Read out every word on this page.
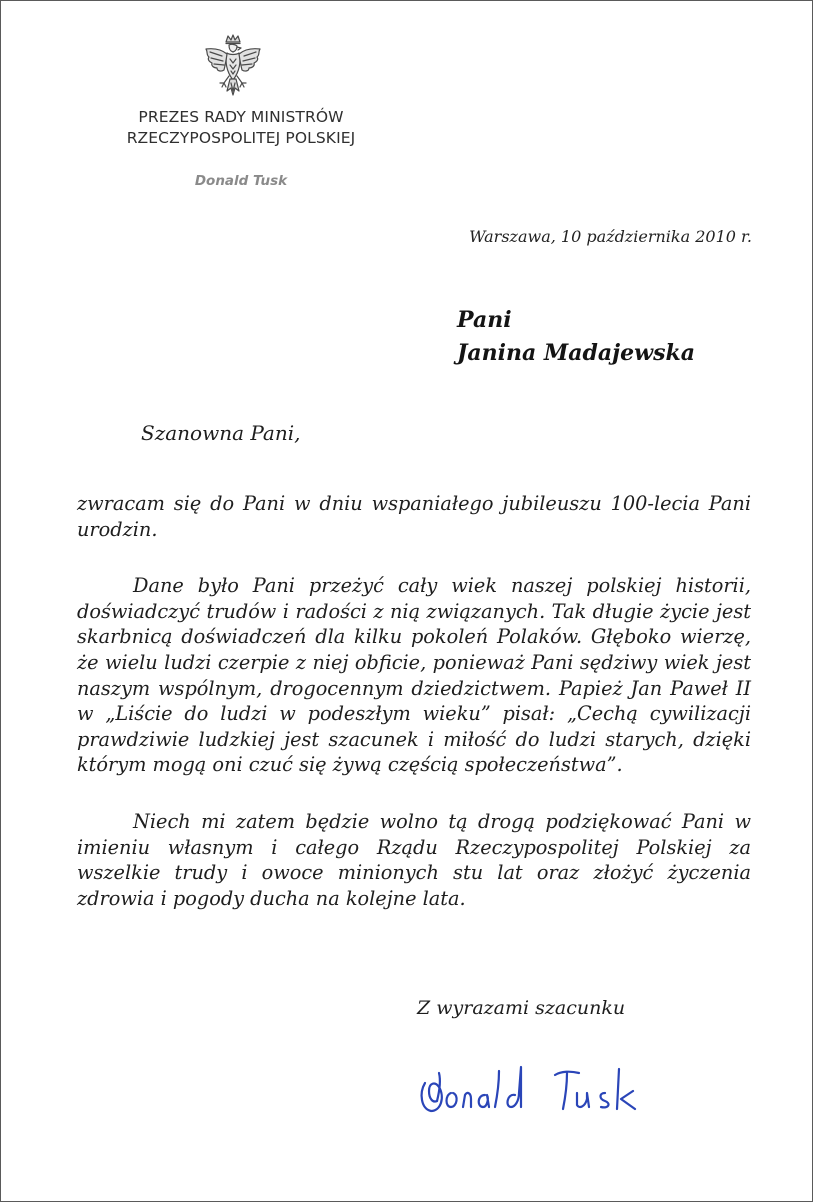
PREZES RADY MINISTRÓW
RZECZYPOSPOLITEJ POLSKIEJ
Donald Tusk
Warszawa, 10 października 2010 r.
Pani
Janina Madajewska
Szanowna Pani,

zwracam się do Pani w dniu wspaniałego jubileuszu 100-lecia Pani urodzin.

Dane było Pani przeżyć cały wiek naszej polskiej historii, doświadczyć trudów i radości z nią związanych. Tak długie życie jest skarbnicą doświadczeń dla kilku pokoleń Polaków. Głęboko wierzę, że wielu ludzi czerpie z niej obficie, ponieważ Pani sędziwy wiek jest naszym wspólnym, drogocennym dziedzictwem. Papież Jan Paweł II w „Liście do ludzi w podeszłym wieku” pisał: „Cechą cywilizacji prawdziwie ludzkiej jest szacunek i miłość do ludzi starych, dzięki którym mogą oni czuć się żywą częścią społeczeństwa”.

Niech mi zatem będzie wolno tą drogą podziękować Pani w imieniu własnym i całego Rządu Rzeczypospolitej Polskiej za wszelkie trudy i owoce minionych stu lat oraz złożyć życzenia zdrowia i pogody ducha na kolejne lata.

Z wyrazami szacunku
